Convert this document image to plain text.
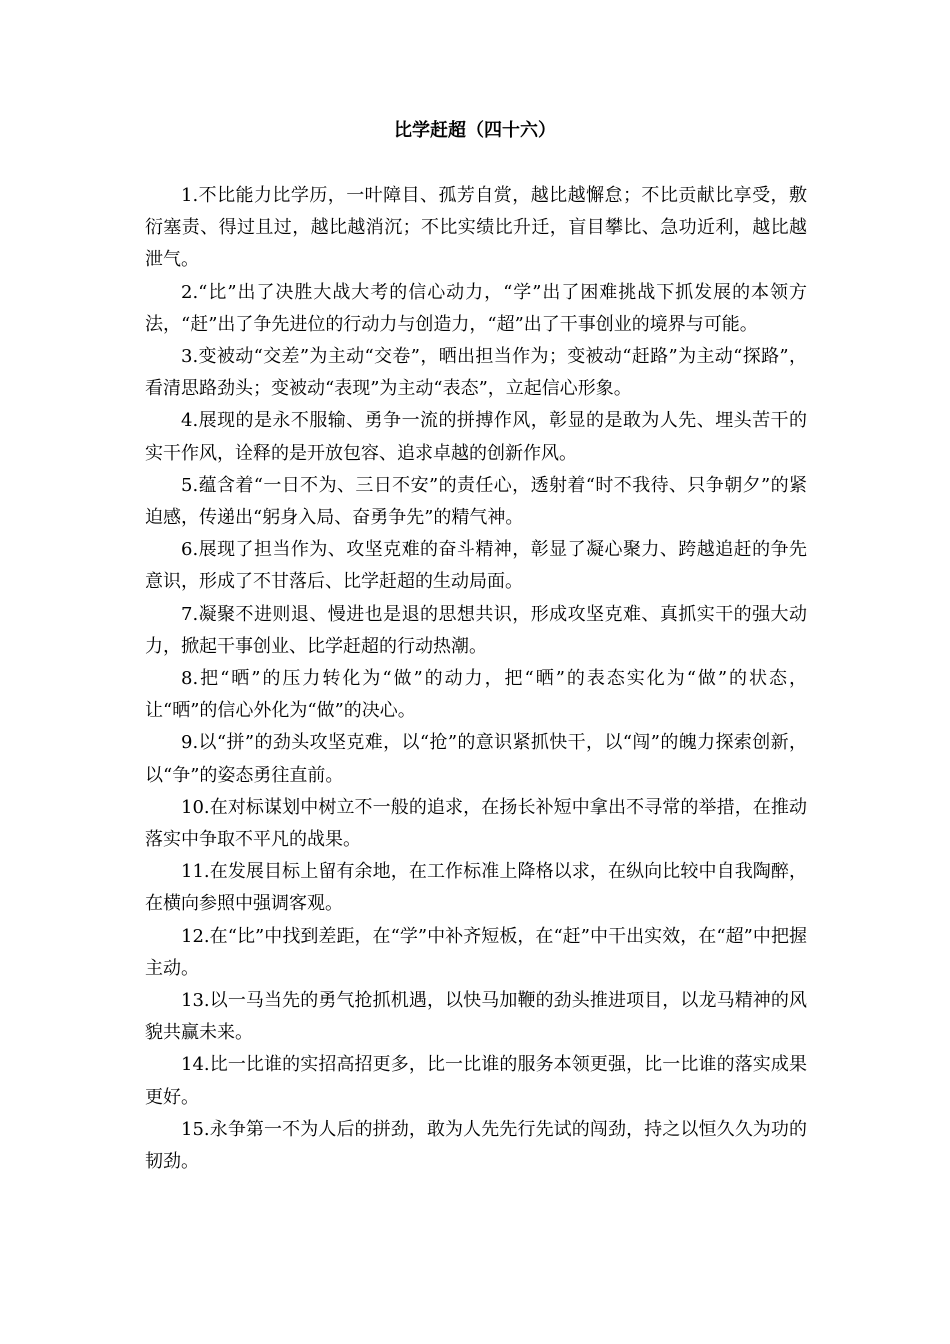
比学赶超（四十六）

1.不比能力比学历，一叶障目、孤芳自赏，越比越懈怠；不比贡献比享受，敷衍塞责、得过且过，越比越消沉；不比实绩比升迁，盲目攀比、急功近利，越比越泄气。

2.“比”出了决胜大战大考的信心动力，“学”出了困难挑战下抓发展的本领方法，“赶”出了争先进位的行动力与创造力，“超”出了干事创业的境界与可能。

3.变被动“交差”为主动“交卷”，晒出担当作为；变被动“赶路”为主动“探路”，看清思路劲头；变被动“表现”为主动“表态”，立起信心形象。

4.展现的是永不服输、勇争一流的拼搏作风，彰显的是敢为人先、埋头苦干的实干作风，诠释的是开放包容、追求卓越的创新作风。

5.蕴含着“一日不为、三日不安”的责任心，透射着“时不我待、只争朝夕”的紧迫感，传递出“躬身入局、奋勇争先”的精气神。

6.展现了担当作为、攻坚克难的奋斗精神，彰显了凝心聚力、跨越追赶的争先意识，形成了不甘落后、比学赶超的生动局面。

7.凝聚不进则退、慢进也是退的思想共识，形成攻坚克难、真抓实干的强大动力，掀起干事创业、比学赶超的行动热潮。

8.把“晒”的压力转化为“做”的动力，把“晒”的表态实化为“做”的状态，让“晒”的信心外化为“做”的决心。

9.以“拼”的劲头攻坚克难，以“抢”的意识紧抓快干，以“闯”的魄力探索创新，以“争”的姿态勇往直前。

10.在对标谋划中树立不一般的追求，在扬长补短中拿出不寻常的举措，在推动落实中争取不平凡的战果。

11.在发展目标上留有余地，在工作标准上降格以求，在纵向比较中自我陶醉，在横向参照中强调客观。

12.在“比”中找到差距，在“学”中补齐短板，在“赶”中干出实效，在“超”中把握主动。

13.以一马当先的勇气抢抓机遇，以快马加鞭的劲头推进项目，以龙马精神的风貌共赢未来。

14.比一比谁的实招高招更多，比一比谁的服务本领更强，比一比谁的落实成果更好。

15.永争第一不为人后的拼劲，敢为人先先行先试的闯劲，持之以恒久久为功的韧劲。
